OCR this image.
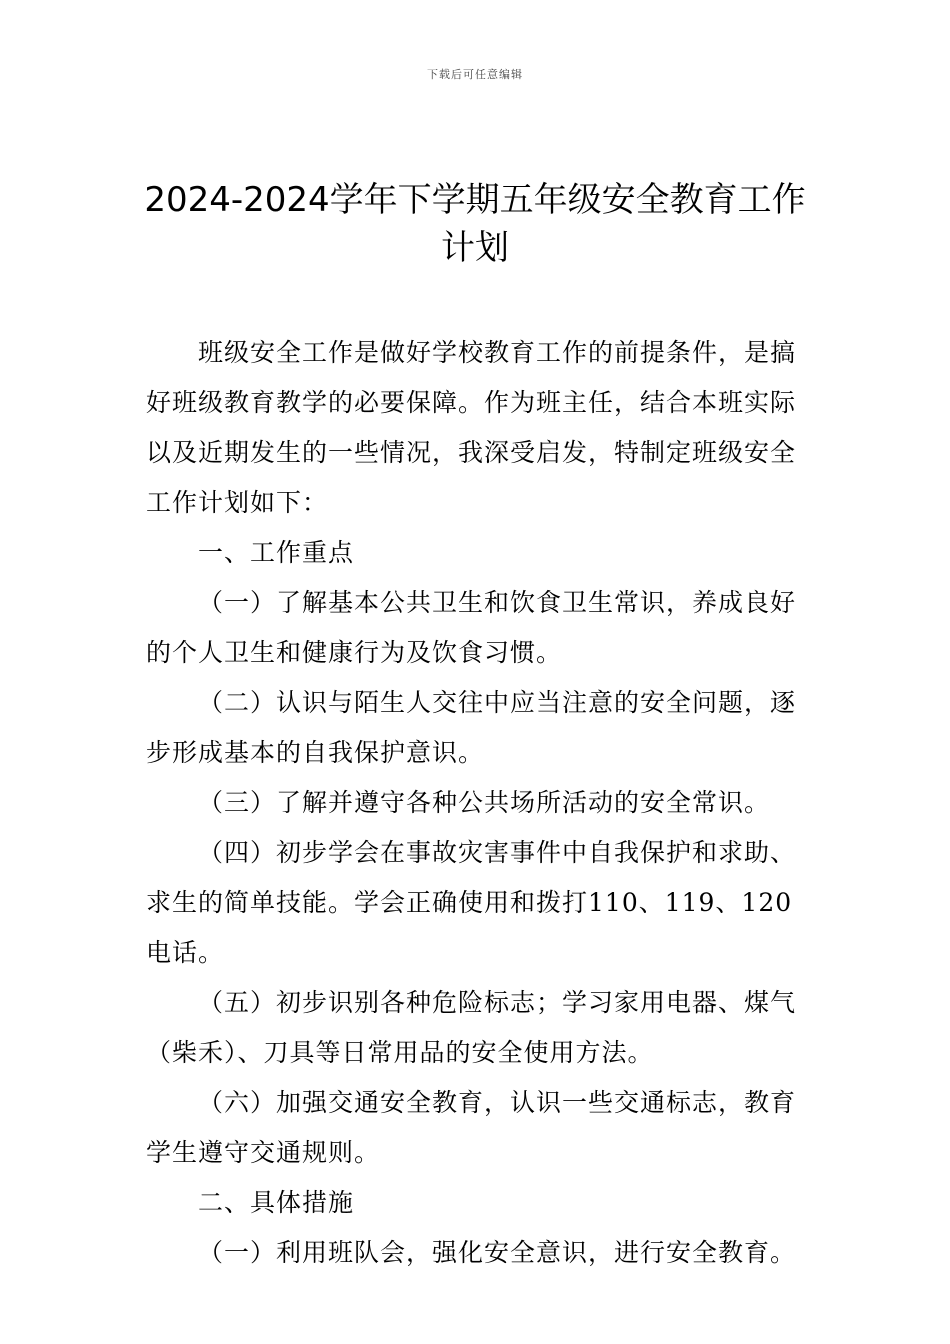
下载后可任意编辑
2024-2024学年下学期五年级安全教育工作
计划

班级安全工作是做好学校教育工作的前提条件，是搞好班级教育教学的必要保障。作为班主任，结合本班实际以及近期发生的一些情况，我深受启发，特制定班级安全工作计划如下：

一、工作重点

（一）了解基本公共卫生和饮食卫生常识，养成良好的个人卫生和健康行为及饮食习惯。

（二）认识与陌生人交往中应当注意的安全问题，逐步形成基本的自我保护意识。

（三）了解并遵守各种公共场所活动的安全常识。

（四）初步学会在事故灾害事件中自我保护和求助、求生的简单技能。学会正确使用和拨打110、119、120电话。

（五）初步识别各种危险标志；学习家用电器、煤气（柴禾）、刀具等日常用品的安全使用方法。

（六）加强交通安全教育，认识一些交通标志，教育学生遵守交通规则。

二、具体措施

（一）利用班队会，强化安全意识，进行安全教育。
